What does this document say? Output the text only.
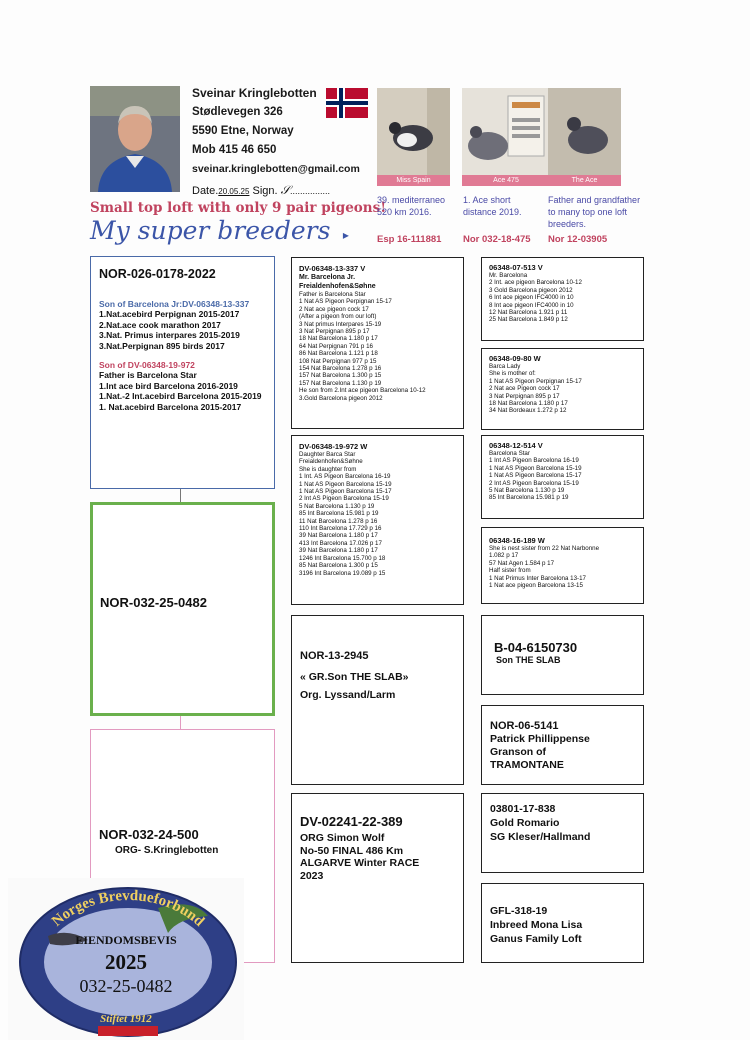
Sveinar Kringlebotten
Stødlevegen 326
5590 Etne, Norway
Mob 415 46 650
sveinar.kringlebotten@gmail.com
Date.20.05.25 Sign. 𝒮................
Small top loft with only 9 pair pigeons!
My super breeders ▸
Miss Spain	Ace 475	The Ace
39. mediterraneo
520 km 2016.
1. Ace short
distance 2019.
Father and grandfather
to many top one loft
breeders.
Esp 16-111881 Nor 032-18-475 Nor 12-03905
NOR-026-0178-2022
Son of Barcelona Jr:DV-06348-13-337
1.Nat.acebird Perpignan 2015-2017
2.Nat.ace cook marathon 2017
3.Nat. Primus interpares 2015-2019
3.Nat.Perpignan 895 birds 2017
Son of DV-06348-19-972
Father is Barcelona Star
1.Int ace bird Barcelona 2016-2019
1.Nat.-2 Int.acebird Barcelona 2015-2019
1. Nat.acebird Barcelona 2015-2017
NOR-032-25-0482
NOR-032-24-500
ORG- S.Kringlebotten
DV-06348-13-337 V
Mr. Barcelona Jr.
Freialdenhofen&Søhne
Father is Barcelona Star
1 Nat AS Pigeon Perpignan 15-17
2 Nat ace pigeon cock 17
(After a pigeon from our loft)
3 Nat primus Interpares 15-19
3 Nat Perpignan 895 p 17
18 Nat Barcelona 1.180 p 17
64 Nat Perpignan 791 p 16
86 Nat Barcelona 1.121 p 18
108 Nat Perpignan 977 p 15
154 Nat Barcelona 1.278 p 16
157 Nat Barcelona 1.300 p 15
157 Nat Barcelona 1.130 p 19
He son from 2.Int ace pigeon Barcelona 10-12
3.Gold Barcelona pigeon 2012
DV-06348-19-972 W
Daughter Barca Star
Freialdenhofen&Søhne
She is daughter from
1 Int. AS Pigeon Barcelona 16-19
1 Nat AS Pigeon Barcelona 15-19
1 Nat AS Pigeon Barcelona 15-17
2 Int AS Pigeon Barcelona 15-19
5 Nat Barcelona 1.130 p 19
85 Int Barcelona 15.981 p 19
11 Nat Barcelona 1.278 p 16
110 Int Barcelona 17.729 p 16
39 Nat Barcelona 1.180 p 17
413 Int Barcelona 17.026 p 17
39 Nat Barcelona 1.180 p 17
1246 Int Barcelona 15.700 p 18
85 Nat Barcelona 1.300 p 15
3196 Int Barcelona 19.089 p 15
NOR-13-2945
« GR.Son THE SLAB»
Org. Lyssand/Larm
DV-02241-22-389
ORG Simon Wolf
No-50 FINAL 486 Km
ALGARVE Winter RACE
2023
06348-07-513 V
Mr. Barcelona
2 Int. ace pigeon Barcelona 10-12
3 Gold Barcelona pigeon 2012
6 Int ace pigeon IFC4000 in 10
8 Int ace pigeon IFC4000 in 10
12 Nat Barcelona 1.921 p 11
25 Nat Barcelona 1.849 p 12
06348-09-80 W
Barca Lady
She is mother of:
1 Nat AS Pigeon Perpignan 15-17
2 Nat ace Pigeon cock 17
3 Nat Perpignan 895 p 17
18 Nat Barcelona 1.180 p 17
34 Nat Bordeaux 1.272 p 12
06348-12-514 V
Barcelona Star
1 Int AS Pigeon Barcelona 16-19
1 Nat AS Pigeon Barcelona 15-19
1 Nat AS Pigeon Barcelona 15-17
2 Int AS Pigeon Barcelona 15-19
5 Nat Barcelona 1.130 p 19
85 Int Barcelona 15.981 p 19
06348-16-189 W
She is nest sister from 22 Nat Narbonne
1.082 p 17
57 Nat Agen 1.584 p 17
Half sister from
1 Nat Primus Inter Barcelona 13-17
1 Nat ace pigeon Barcelona 13-15
B-04-6150730
Son THE SLAB
NOR-06-5141
Patrick Phillippense
Granson of
TRAMONTANE
03801-17-838
Gold Romario
SG Kleser/Hallmand
GFL-318-19
Inbreed Mona Lisa
Ganus Family Loft
Norges Brevdueforbund
EIENDOMSBEVIS
2025
032-25-0482
Stiftet 1912
